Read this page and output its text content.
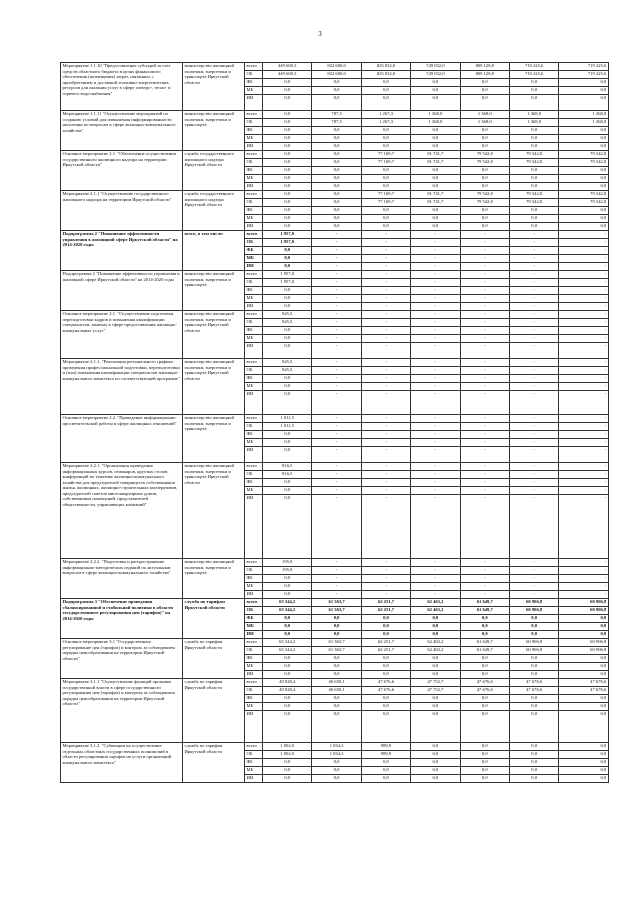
3
Мероприятие 1.1.10 "Предоставление субсидий за счет средств областного бюджета в целях финансового обеспечения (возмещения) затрат, связанных с приобретением и доставкой топливно-энергетических ресурсов для оказания услуг в сфере электро-, тепло- и горячего водоснабжения"	министерство жилищной политики, энергетики и транспорта Иркутской области	всего	449 600,3	822 600,0	825 032,0	749 032,0	809 128,8	719 225,6	719 225,6
		ОБ	449 600,3	822 600,0	825 032,0	749 032,0	809 128,8	719 225,6	719 225,6
		ФБ	0,0	0,0	0,0	0,0	0,0	0,0	0,0
		МБ	0,0	0,0	0,0	0,0	0,0	0,0	0,0
		ИИ	0,0	0,0	0,0	0,0	0,0	0,0	0,0

Мероприятие 1.1.11 "Осуществление мероприятий по созданию условий для повышения информированности населения по вопросам в сфере жилищно-коммунального хозяйства"	министерство жилищной политики, энергетики и транспорта	всего	0,0	787,5	1 267,3	1 368,0	1 368,0	1 368,0	1 368,0
		ОБ	0,0	787,5	1 267,3	1 368,0	1 368,0	1 368,0	1 368,0
		ФБ	0,0	0,0	0,0	0,0	0,0	0,0	0,0
		МБ	0,0	0,0	0,0	0,0	0,0	0,0	0,0
		ИИ	0,0	0,0	0,0	0,0	0,0	0,0	0,0
Основное мероприятие 2.1. "Обеспечение осуществления государственного жилищного надзора на территории Иркутской области"	служба государственного жилищного надзора Иркутской области	всего	0,0	0,0	77 169,7	81 741,7	79 542,8	79 542,8	79 542,8
		ОБ	0,0	0,0	77 169,7	81 741,7	79 542,8	79 542,8	79 542,8
		ФБ	0,0	0,0	0,0	0,0	0,0	0,0	0,0
		МБ	0,0	0,0	0,0	0,0	0,0	0,0	0,0
		ИИ	0,0	0,0	0,0	0,0	0,0	0,0	0,0
Мероприятие 2.1.1 "Осуществление государственного жилищного надзора на территории Иркутской области"	служба государственного жилищного надзора Иркутской области	всего	0,0	0,0	77 169,7	81 741,7	79 542,8	79 542,8	79 542,8
		ОБ	0,0	0,0	77 169,7	81 741,7	79 542,8	79 542,8	79 542,8
		ФБ	0,0	0,0	0,0	0,0	0,0	0,0	0,0
		МБ	0,0	0,0	0,0	0,0	0,0	0,0	0,0
		ИИ	0,0	0,0	0,0	0,0	0,0	0,0	0,0
Подпрограмма 2 "Повышение эффективности управления в жилищной сфере Иркутской области" на 2014-2020 годы	всего, в том числе:	всего	1 957,0	-	-	-	-	-	-
		ОБ	1 957,0	-	-	-	-	-	-
		ФБ	0,0	-	-	-	-	-	-
		МБ	0,0	-	-	-	-	-	-
		ИИ	0,0	-	-	-	-	-	-
Подпрограмма 2 "Повышение эффективности управления в жилищной сфере Иркутской области" на 2014-2020 годы	министерство жилищной политики, энергетики и транспорта	всего	1 957,0	-	-	-	-	-	-
		ОБ	1 957,0	-	-	-	-	-	-
		ФБ	0,0	-	-	-	-	-	-
		МБ	0,0	-	-	-	-	-	-
		ИИ	0,0	-	-	-	-	-	-
Основное мероприятие 2.1. "Осуществление подготовки, переподготовки кадров и повышения квалификации специалистов, занятых в сфере предоставления жилищно-коммунальных услуг"	министерство жилищной политики, энергетики и транспорта Иркутской области	всего	945,5	-	-	-	-	-	-
		ОБ	945,5	-	-	-	-	-	-
		ФБ	0,0	-	-	-	-	-	-
		МБ	0,0	-	-	-	-	-	-
		ИИ	0,0	-	-	-	-	-	-

Мероприятие 2.1.1. "Реализация регионального графика проведения профессиональной подготовки, переподготовки и (или) повышения квалификации специалистов жилищно-коммунального комплекса по соответствующей программе"	министерство жилищной политики, энергетики и транспорта Иркутской области	всего	945,5	-	-	-	-	-	-
		ОБ	945,5	-	-	-	-	-	-
		ФБ	0,0	-	-	-	-	-	-
		МБ	0,0	-	-	-	-	-	-
		ИИ	0,0	-	-	-	-	-	-

Основное мероприятие 2.2. "Проведение информационно-просветительской работы в сфере жилищных отношений"	министерство жилищной политики, энергетики и транспорта	всего	1 011,5	-	-	-	-	-	-
		ОБ	1 011,5	-	-	-	-	-	-
		ФБ	0,0	-	-	-	-	-	-
		МБ	0,0	-	-	-	-	-	-
		ИИ	0,0	-	-	-	-	-	-

Мероприятие 2.2.1. "Организация проведения информационных курсов, семинаров, круглых столов, конференций по тематике жилищно-коммунального хозяйства для председателей товариществ собственников жилья, жилищных, жилищно-строительных кооперативов, председателей советов многоквартирных домов, собственников помещений, представителей общественности, управляющих компаний"	министерство жилищной политики, энергетики и транспорта Иркутской области	всего	816,5	-	-	-	-	-	-
		ОБ	816,5	-	-	-	-	-	-
		ФБ	0,0	-	-	-	-	-	-
		МБ	0,0	-	-	-	-	-	-
		ИИ	0,0	-	-	-	-	-	-

Мероприятие 2.2.2. "Подготовка и распространение информационно-методических изданий по актуальным вопросам в сфере жилищно-коммунального хозяйства"	министерство жилищной политики, энергетики и транспорта	всего	195,0	-	-	-	-	-	-
		ОБ	195,0	-	-	-	-	-	-
		ФБ	0,0	-	-	-	-	-	-
		МБ	0,0	-	-	-	-	-	-
		ИИ	0,0	-	-	-	-	-	-
Подпрограмма 3 "Обеспечение проведения сбалансированной и стабильной политики в области государственного регулирования цен (тарифов)" на 2014-2020 годы	служба по тарифам Иркутской области	всего	65 344,2	61 363,7	62 251,7	62 463,2	61 649,7	60 906,8	60 906,8
		ОБ	65 344,2	61 363,7	62 251,7	62 463,2	61 649,7	60 906,8	60 906,8
		ФБ	0,0	0,0	0,0	0,0	0,0	0,0	0,0
		МБ	0,0	0,0	0,0	0,0	0,0	0,0	0,0
		ИИ	0,0	0,0	0,0	0,0	0,0	0,0	0,0
Основное мероприятие 3.1 "Государственное регулирование цен (тарифов) и контроль за соблюдением порядка ценообразования на территории Иркутской области"	служба по тарифам Иркутской области	всего	65 344,2	61 363,7	62 251,7	62 463,2	61 649,7	60 906,8	60 906,8
		ОБ	65 344,2	61 363,7	62 251,7	62 463,2	61 649,7	60 906,8	60 906,8
		ФБ	0,0	0,0	0,0	0,0	0,0	0,0	0,0
		МБ	0,0	0,0	0,0	0,0	0,0	0,0	0,0
		ИИ	0,0	0,0	0,0	0,0	0,0	0,0	0,0
Мероприятие 3.1.1 "Осуществление функций органами государственной власти в сфере государственного регулирования цен (тарифов) и контроля за соблюдением порядка ценообразования на территории Иркутской области"	служба по тарифам Иркутской области	всего	49 828,4	46 650,1	47 676,6	47 752,7	47 676,6	47 676,6	47 676,6
		ОБ	49 828,4	46 650,1	47 676,6	47 752,7	47 676,6	47 676,6	47 676,6
		ФБ	0,0	0,0	0,0	0,0	0,0	0,0	0,0
		МБ	0,0	0,0	0,0	0,0	0,0	0,0	0,0
		ИИ	0,0	0,0	0,0	0,0	0,0	0,0	0,0

Мероприятие 3.1.2. "Субвенции на осуществление отдельных областных государственных полномочий в области регулирования тарифов на услуги организаций коммунального комплекса"	служба по тарифам Иркутской области	всего	1 002,0	1 034,3	989,9	0,0	0,0	0,0	0,0
		ОБ	1 002,0	1 034,3	989,9	0,0	0,0	0,0	0,0
		ФБ	0,0	0,0	0,0	0,0	0,0	0,0	0,0
		МБ	0,0	0,0	0,0	0,0	0,0	0,0	0,0
		ИИ	0,0	0,0	0,0	0,0	0,0	0,0	0,0
